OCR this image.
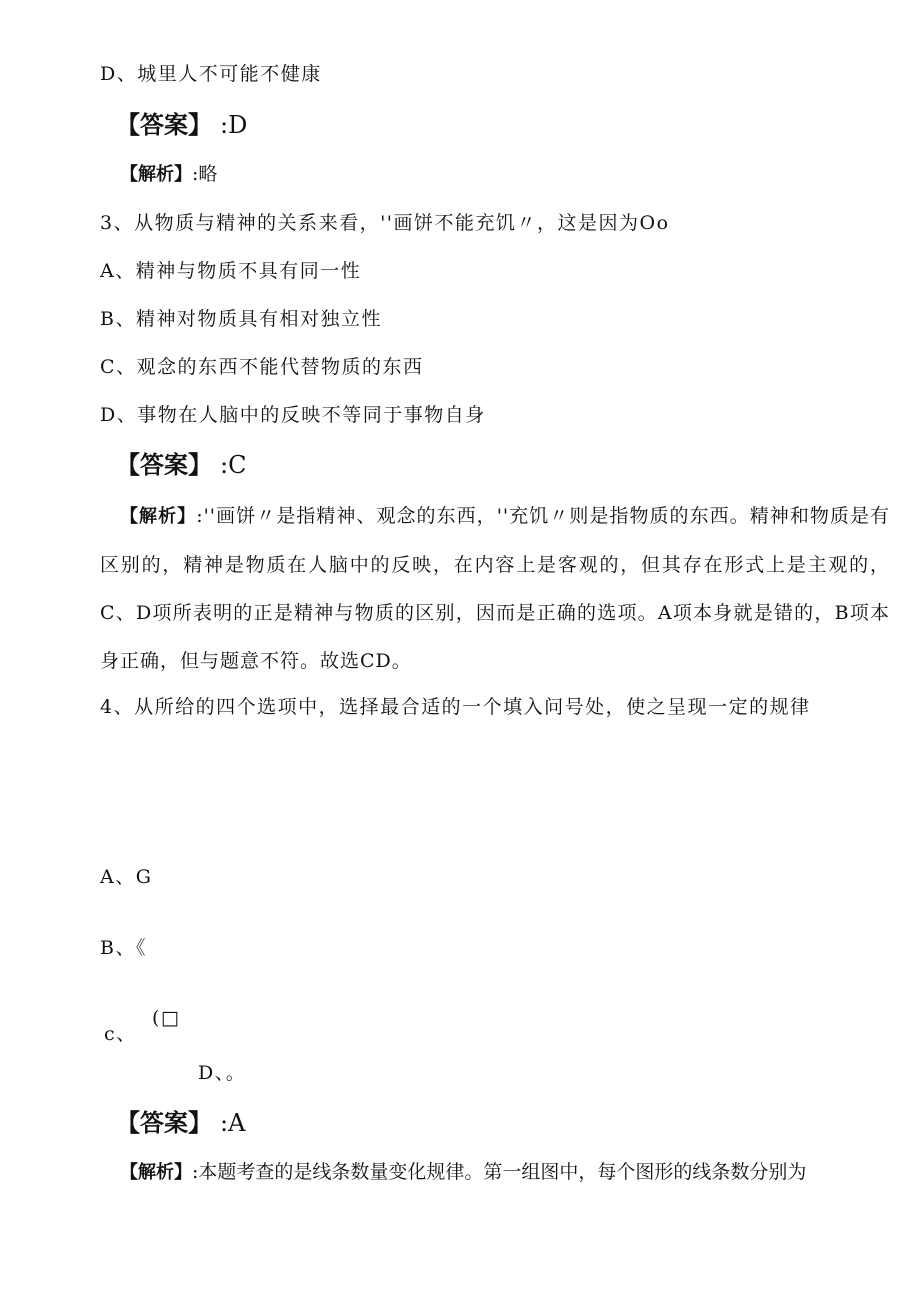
D、城里人不可能不健康
【答案】 :D
【解析】:略
3、从物质与精神的关系来看，''画饼不能充饥〃，这是因为Oo
A、精神与物质不具有同一性
B、精神对物质具有相对独立性
C、观念的东西不能代替物质的东西
D、事物在人脑中的反映不等同于事物自身
【答案】 :C
【解析】:''画饼〃是指精神、观念的东西，''充饥〃则是指物质的东西。精神和物质是有区别的，精神是物质在人脑中的反映，在内容上是客观的，但其存在形式上是主观的，C、D项所表明的正是精神与物质的区别，因而是正确的选项。A项本身就是错的，B项本身正确，但与题意不符。故选CD。
4、从所给的四个选项中，选择最合适的一个填入问号处，使之呈现一定的规律
A、G
B、《
c、
(□
D、。
【答案】 :A
【解析】:本题考查的是线条数量变化规律。第一组图中，每个图形的线条数分别为
